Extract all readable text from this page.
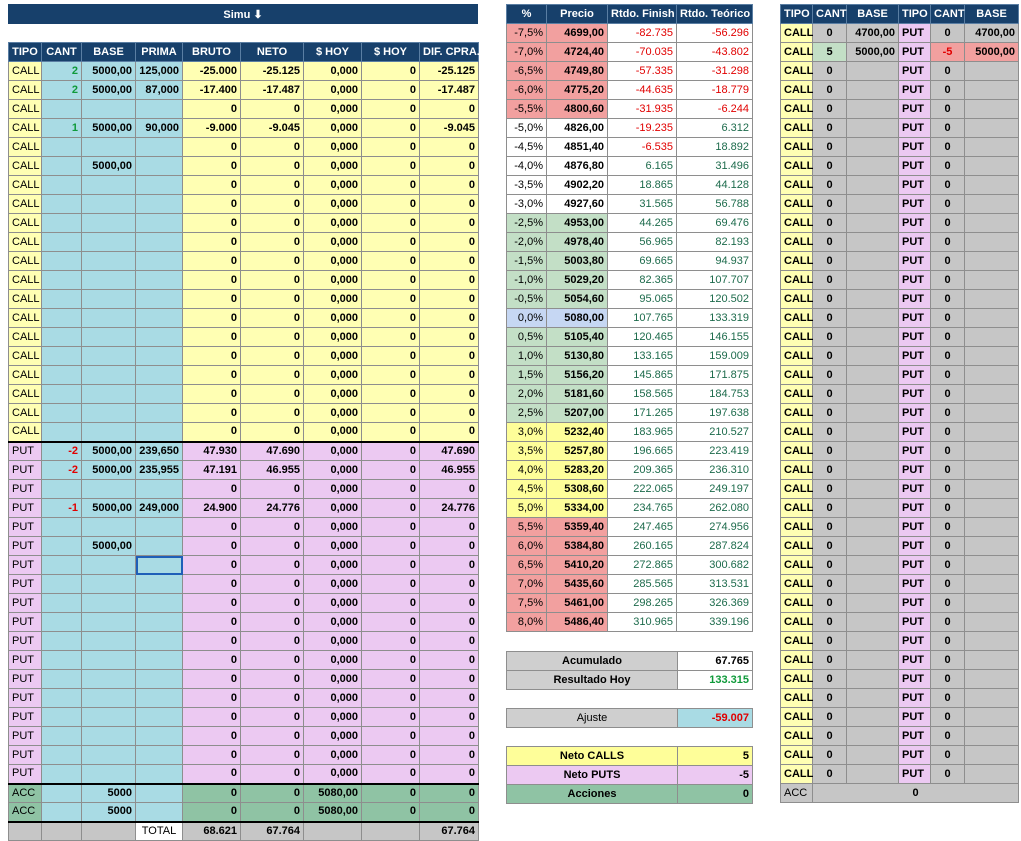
Simu ⬇
TIPO	CANT	BASE	PRIMA	BRUTO	NETO	$ HOY	$ HOY	DIF. CPRA.
CALL	2	5000,00	125,000	-25.000	-25.125	0,000	0	-25.125
CALL	2	5000,00	87,000	-17.400	-17.487	0,000	0	-17.487
CALL				0	0	0,000	0	0
CALL	1	5000,00	90,000	-9.000	-9.045	0,000	0	-9.045
CALL				0	0	0,000	0	0
CALL		5000,00		0	0	0,000	0	0
CALL				0	0	0,000	0	0
CALL				0	0	0,000	0	0
CALL				0	0	0,000	0	0
CALL				0	0	0,000	0	0
CALL				0	0	0,000	0	0
CALL				0	0	0,000	0	0
CALL				0	0	0,000	0	0
CALL				0	0	0,000	0	0
CALL				0	0	0,000	0	0
CALL				0	0	0,000	0	0
CALL				0	0	0,000	0	0
CALL				0	0	0,000	0	0
CALL				0	0	0,000	0	0
CALL				0	0	0,000	0	0
PUT	-2	5000,00	239,650	47.930	47.690	0,000	0	47.690
PUT	-2	5000,00	235,955	47.191	46.955	0,000	0	46.955
PUT				0	0	0,000	0	0
PUT	-1	5000,00	249,000	24.900	24.776	0,000	0	24.776
PUT				0	0	0,000	0	0
PUT		5000,00		0	0	0,000	0	0
PUT				0	0	0,000	0	0
PUT				0	0	0,000	0	0
PUT				0	0	0,000	0	0
PUT				0	0	0,000	0	0
PUT				0	0	0,000	0	0
PUT				0	0	0,000	0	0
PUT				0	0	0,000	0	0
PUT				0	0	0,000	0	0
PUT				0	0	0,000	0	0
PUT				0	0	0,000	0	0
PUT				0	0	0,000	0	0
PUT				0	0	0,000	0	0
ACC		5000		0	0	5080,00	0	0
ACC		5000		0	0	5080,00	0	0
			TOTAL	68.621	67.764			67.764
%	Precio	Rtdo. Finish	Rtdo. Teórico
-7,5%	4699,00	-82.735	-56.296
-7,0%	4724,40	-70.035	-43.802
-6,5%	4749,80	-57.335	-31.298
-6,0%	4775,20	-44.635	-18.779
-5,5%	4800,60	-31.935	-6.244
-5,0%	4826,00	-19.235	6.312
-4,5%	4851,40	-6.535	18.892
-4,0%	4876,80	6.165	31.496
-3,5%	4902,20	18.865	44.128
-3,0%	4927,60	31.565	56.788
-2,5%	4953,00	44.265	69.476
-2,0%	4978,40	56.965	82.193
-1,5%	5003,80	69.665	94.937
-1,0%	5029,20	82.365	107.707
-0,5%	5054,60	95.065	120.502
0,0%	5080,00	107.765	133.319
0,5%	5105,40	120.465	146.155
1,0%	5130,80	133.165	159.009
1,5%	5156,20	145.865	171.875
2,0%	5181,60	158.565	184.753
2,5%	5207,00	171.265	197.638
3,0%	5232,40	183.965	210.527
3,5%	5257,80	196.665	223.419
4,0%	5283,20	209.365	236.310
4,5%	5308,60	222.065	249.197
5,0%	5334,00	234.765	262.080
5,5%	5359,40	247.465	274.956
6,0%	5384,80	260.165	287.824
6,5%	5410,20	272.865	300.682
7,0%	5435,60	285.565	313.531
7,5%	5461,00	298.265	326.369
8,0%	5486,40	310.965	339.196
Acumulado	67.765
Resultado Hoy	133.315
Ajuste	-59.007
Neto CALLS	5
Neto PUTS	-5
Acciones	0
TIPO	CANT	BASE	TIPO	CANT	BASE
CALL	0	4700,00	PUT	0	4700,00
CALL	5	5000,00	PUT	-5	5000,00
CALL	0		PUT	0	
CALL	0		PUT	0	
CALL	0		PUT	0	
CALL	0		PUT	0	
CALL	0		PUT	0	
CALL	0		PUT	0	
CALL	0		PUT	0	
CALL	0		PUT	0	
CALL	0		PUT	0	
CALL	0		PUT	0	
CALL	0		PUT	0	
CALL	0		PUT	0	
CALL	0		PUT	0	
CALL	0		PUT	0	
CALL	0		PUT	0	
CALL	0		PUT	0	
CALL	0		PUT	0	
CALL	0		PUT	0	
CALL	0		PUT	0	
CALL	0		PUT	0	
CALL	0		PUT	0	
CALL	0		PUT	0	
CALL	0		PUT	0	
CALL	0		PUT	0	
CALL	0		PUT	0	
CALL	0		PUT	0	
CALL	0		PUT	0	
CALL	0		PUT	0	
CALL	0		PUT	0	
CALL	0		PUT	0	
CALL	0		PUT	0	
CALL	0		PUT	0	
CALL	0		PUT	0	
CALL	0		PUT	0	
CALL	0		PUT	0	
CALL	0		PUT	0	
CALL	0		PUT	0	
CALL	0		PUT	0	
ACC	0				
